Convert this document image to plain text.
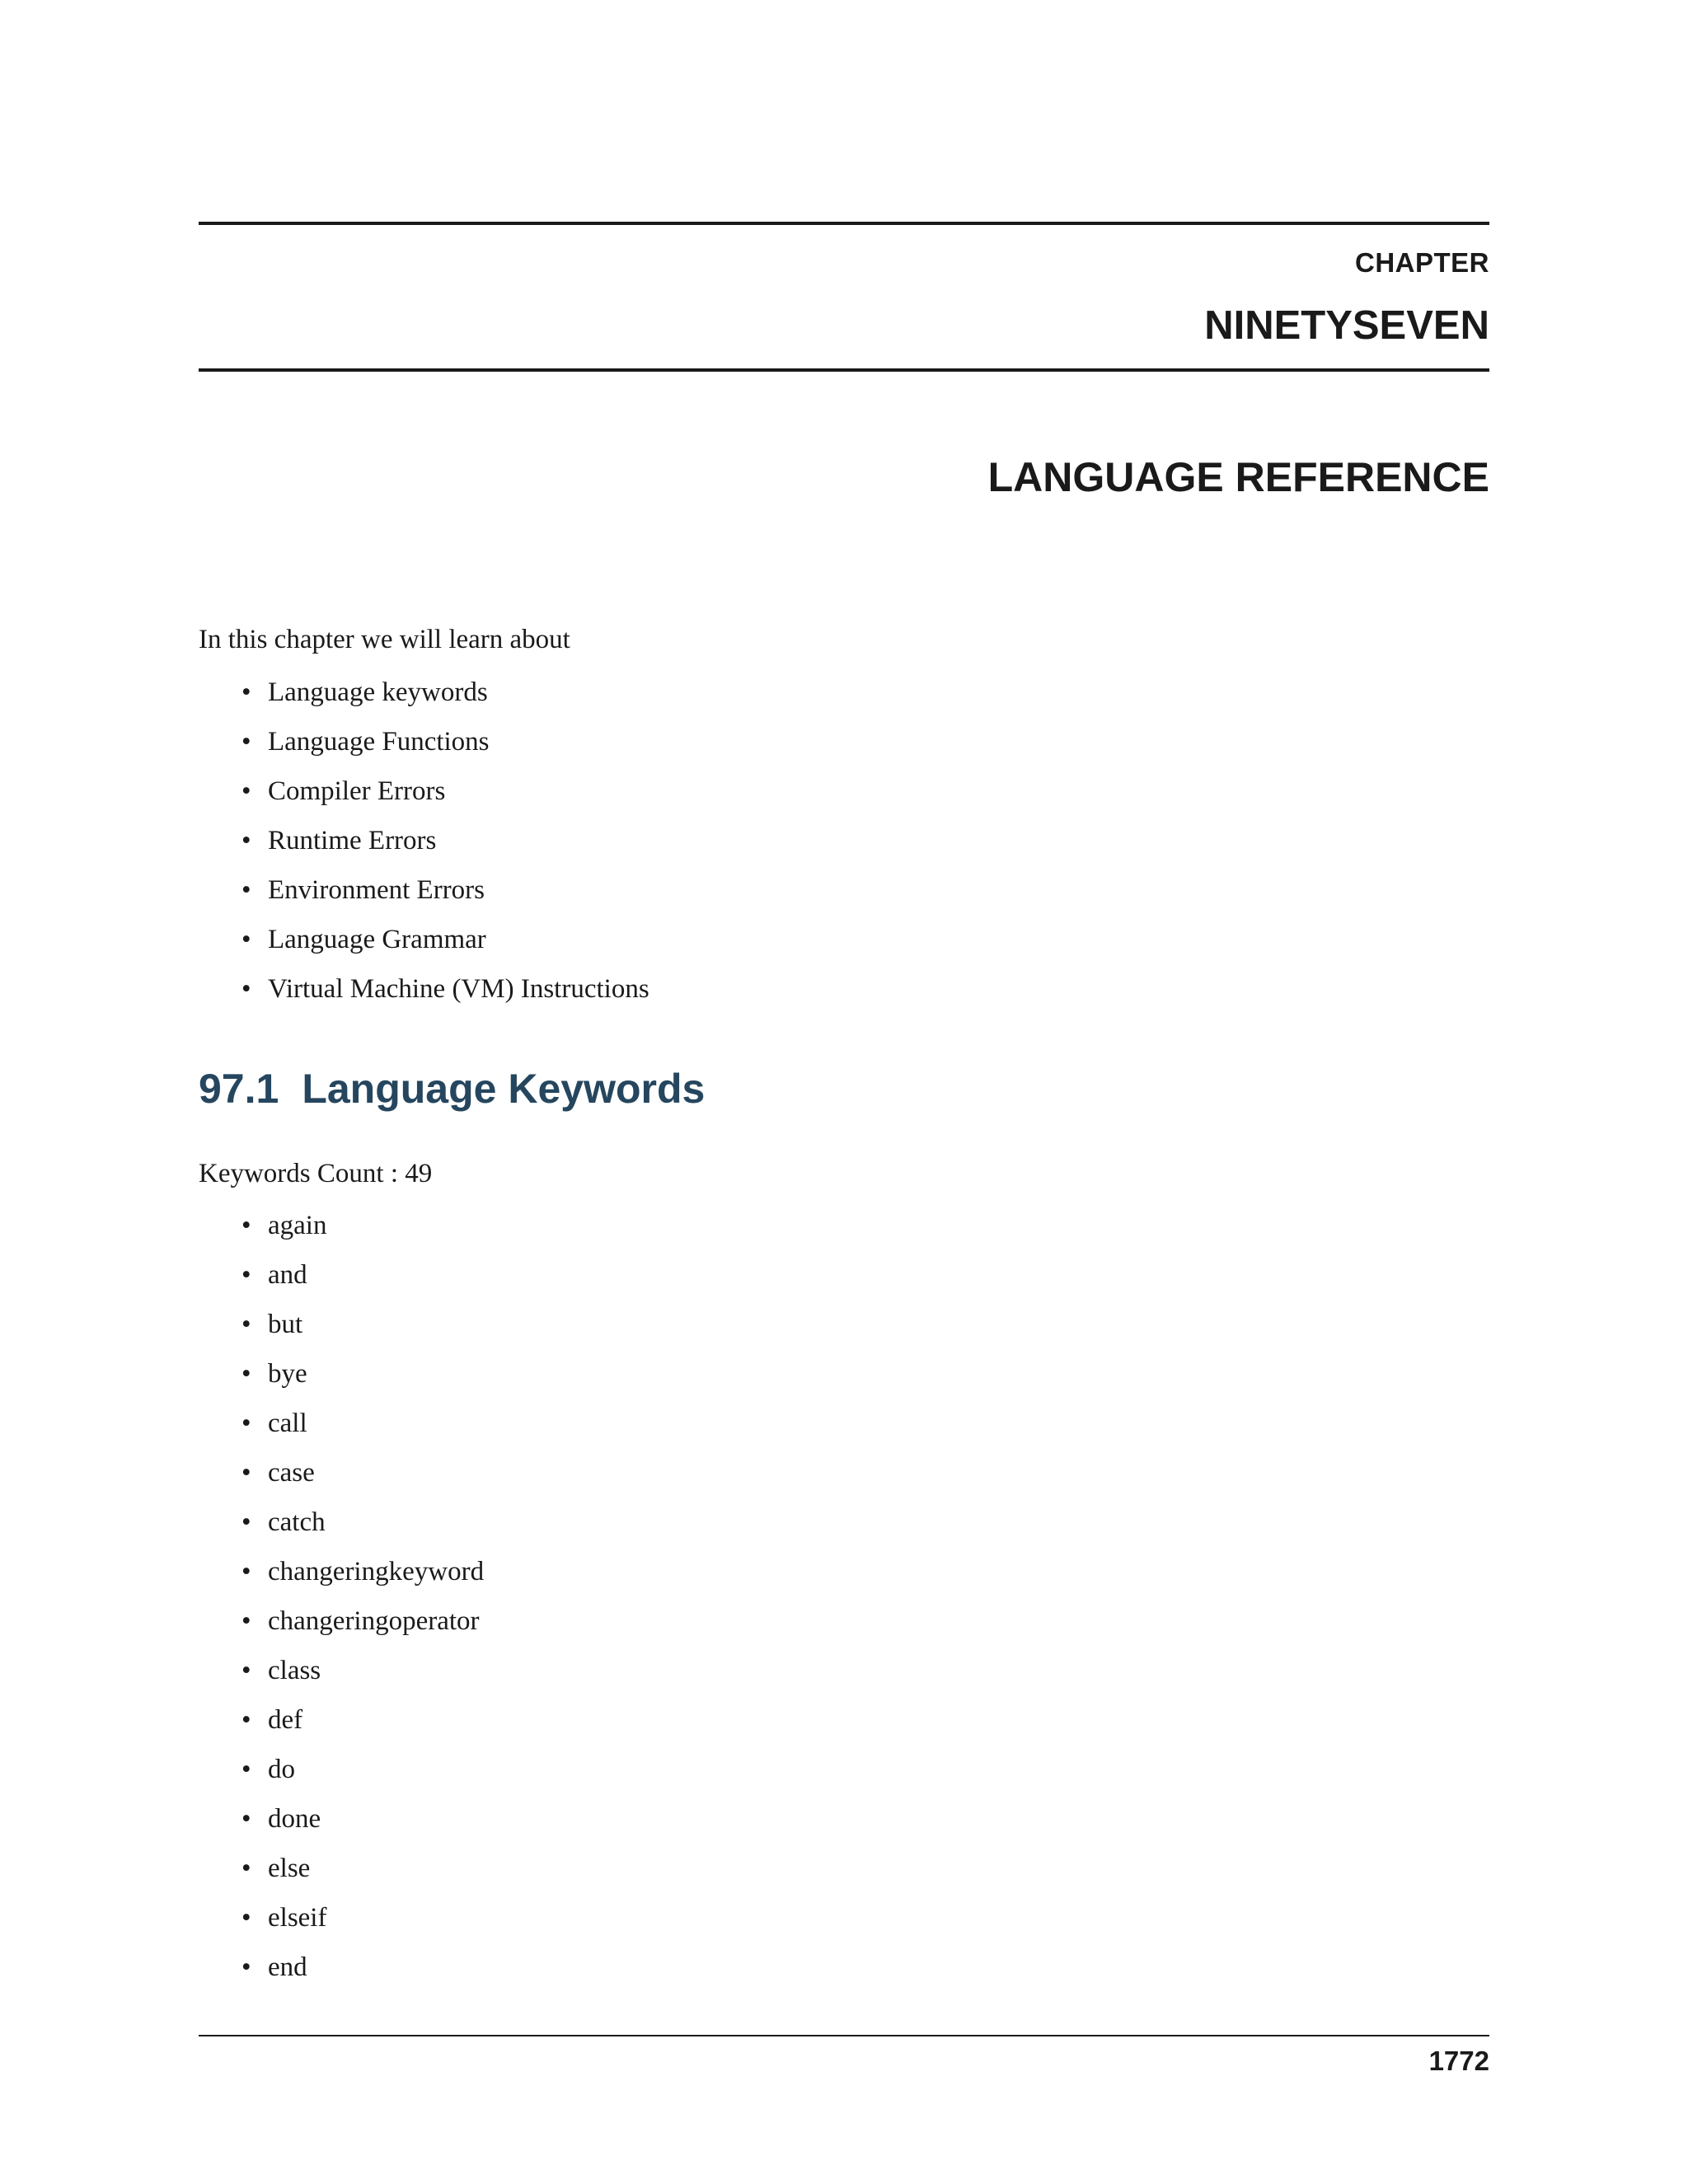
CHAPTER
NINETYSEVEN
LANGUAGE REFERENCE

In this chapter we will learn about

• Language keywords
• Language Functions
• Compiler Errors
• Runtime Errors
• Environment Errors
• Language Grammar
• Virtual Machine (VM) Instructions
97.1 Language Keywords

Keywords Count : 49

• again
• and
• but
• bye
• call
• case
• catch
• changeringkeyword
• changeringoperator
• class
• def
• do
• done
• else
• elseif
• end
1772
